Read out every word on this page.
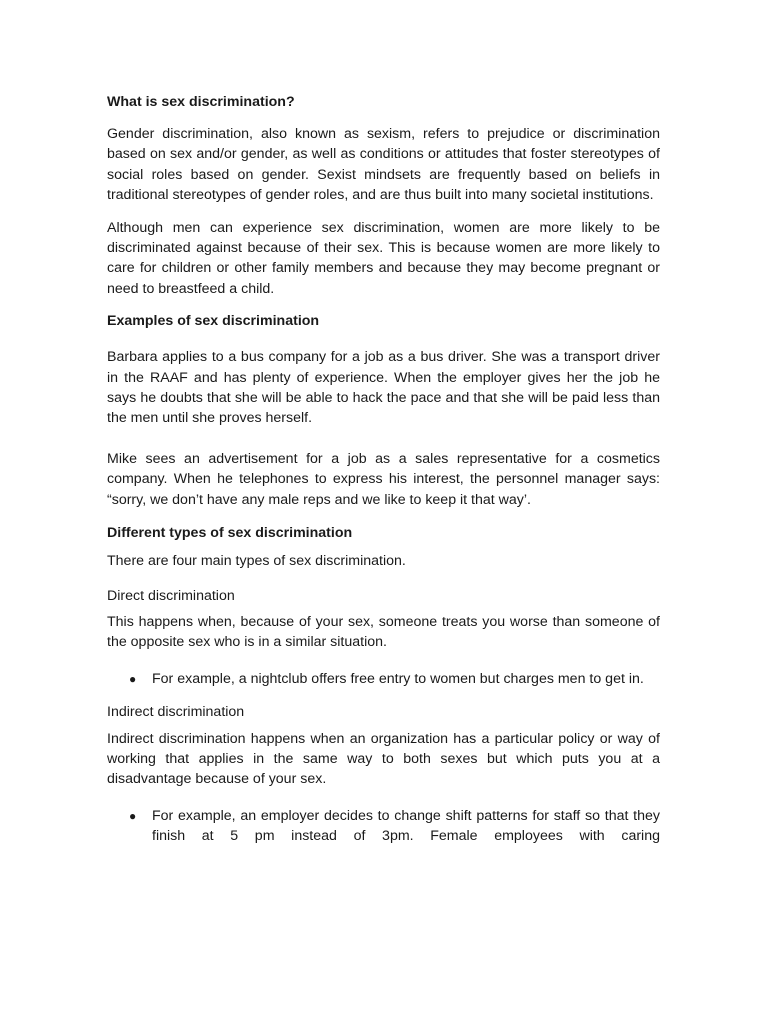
What is sex discrimination?

Gender discrimination, also known as sexism, refers to prejudice or discrimination based on sex and/or gender, as well as conditions or attitudes that foster stereotypes of social roles based on gender. Sexist mindsets are frequently based on beliefs in traditional stereotypes of gender roles, and are thus built into many societal institutions.

Although men can experience sex discrimination, women are more likely to be discriminated against because of their sex. This is because women are more likely to care for children or other family members and because they may become pregnant or need to breastfeed a child.

Examples of sex discrimination

Barbara applies to a bus company for a job as a bus driver. She was a transport driver in the RAAF and has plenty of experience. When the employer gives her the job he says he doubts that she will be able to hack the pace and that she will be paid less than the men until she proves herself.

Mike sees an advertisement for a job as a sales representative for a cosmetics company. When he telephones to express his interest, the personnel manager says: “sorry, we don’t have any male reps and we like to keep it that way’.

Different types of sex discrimination

There are four main types of sex discrimination.

Direct discrimination

This happens when, because of your sex, someone treats you worse than someone of the opposite sex who is in a similar situation.

● For example, a nightclub offers free entry to women but charges men to get in.

Indirect discrimination

Indirect discrimination happens when an organization has a particular policy or way of working that applies in the same way to both sexes but which puts you at a disadvantage because of your sex.

● For example, an employer decides to change shift patterns for staff so that they finish at 5 pm instead of 3pm. Female employees with caring
